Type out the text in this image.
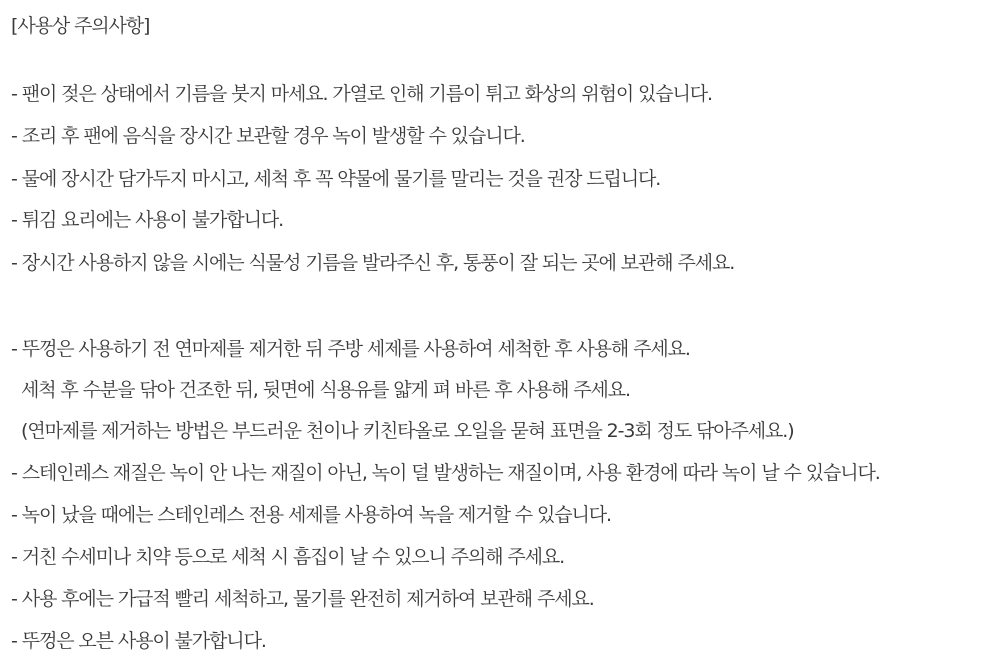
[사용상 주의사항]
- 팬이 젖은 상태에서 기름을 붓지 마세요. 가열로 인해 기름이 튀고 화상의 위험이 있습니다.
- 조리 후 팬에 음식을 장시간 보관할 경우 녹이 발생할 수 있습니다.
- 물에 장시간 담가두지 마시고, 세척 후 꼭 약물에 물기를 말리는 것을 권장 드립니다.
- 튀김 요리에는 사용이 불가합니다.
- 장시간 사용하지 않을 시에는 식물성 기름을 발라주신 후, 통풍이 잘 되는 곳에 보관해 주세요.
- 뚜껑은 사용하기 전 연마제를 제거한 뒤 주방 세제를 사용하여 세척한 후 사용해 주세요.
세척 후 수분을 닦아 건조한 뒤, 뒷면에 식용유를 얇게 펴 바른 후 사용해 주세요.
(연마제를 제거하는 방법은 부드러운 천이나 키친타올로 오일을 묻혀 표면을 2-3회 정도 닦아주세요.)
- 스테인레스 재질은 녹이 안 나는 재질이 아닌, 녹이 덜 발생하는 재질이며, 사용 환경에 따라 녹이 날 수 있습니다.
- 녹이 났을 때에는 스테인레스 전용 세제를 사용하여 녹을 제거할 수 있습니다.
- 거친 수세미나 치약 등으로 세척 시 흠집이 날 수 있으니 주의해 주세요.
- 사용 후에는 가급적 빨리 세척하고, 물기를 완전히 제거하여 보관해 주세요.
- 뚜껑은 오븐 사용이 불가합니다.
